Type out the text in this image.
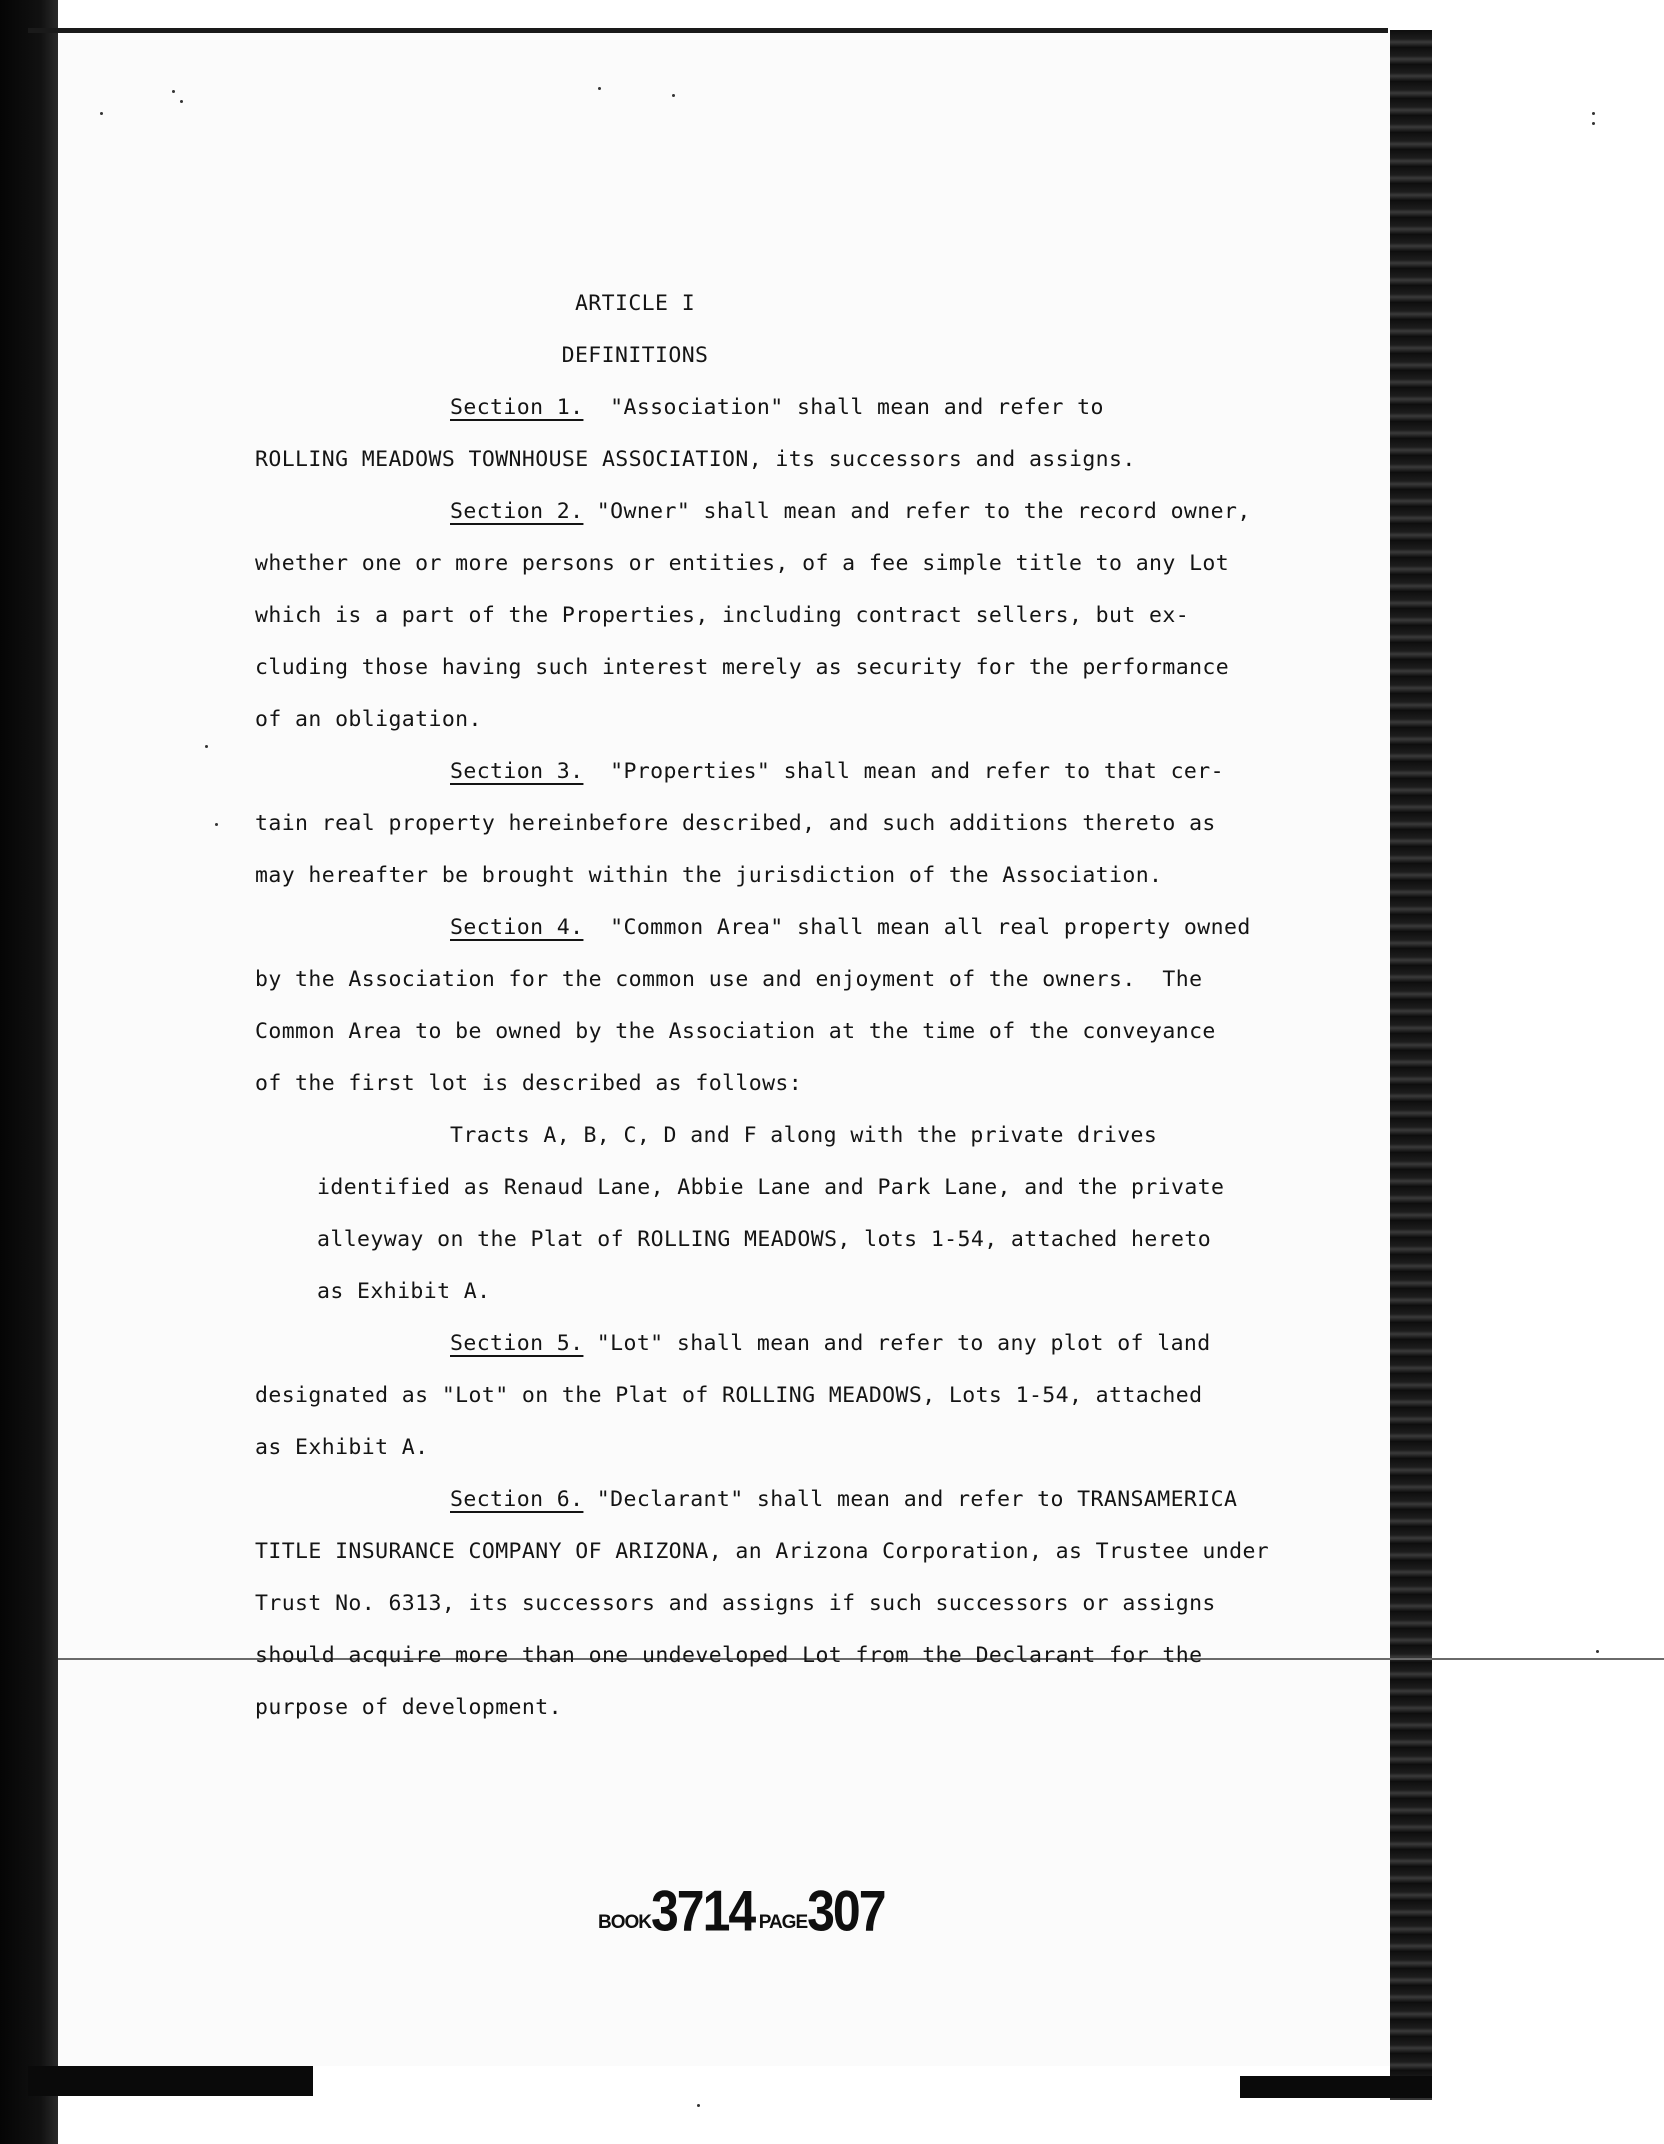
ARTICLE I
DEFINITIONS
Section 1.  "Association" shall mean and refer to
ROLLING MEADOWS TOWNHOUSE ASSOCIATION, its successors and assigns.
Section 2. "Owner" shall mean and refer to the record owner,
whether one or more persons or entities, of a fee simple title to any Lot
which is a part of the Properties, including contract sellers, but ex-
cluding those having such interest merely as security for the performance
of an obligation.
Section 3.  "Properties" shall mean and refer to that cer-
tain real property hereinbefore described, and such additions thereto as
may hereafter be brought within the jurisdiction of the Association.
Section 4.  "Common Area" shall mean all real property owned
by the Association for the common use and enjoyment of the owners.  The
Common Area to be owned by the Association at the time of the conveyance
of the first lot is described as follows:
Tracts A, B, C, D and F along with the private drives
identified as Renaud Lane, Abbie Lane and Park Lane, and the private
alleyway on the Plat of ROLLING MEADOWS, lots 1-54, attached hereto
as Exhibit A.
Section 5. "Lot" shall mean and refer to any plot of land
designated as "Lot" on the Plat of ROLLING MEADOWS, Lots 1-54, attached
as Exhibit A.
Section 6. "Declarant" shall mean and refer to TRANSAMERICA
TITLE INSURANCE COMPANY OF ARIZONA, an Arizona Corporation, as Trustee under
Trust No. 6313, its successors and assigns if such successors or assigns
should acquire more than one undeveloped Lot from the Declarant for the
purpose of development.
BOOK3714 PAGE307
